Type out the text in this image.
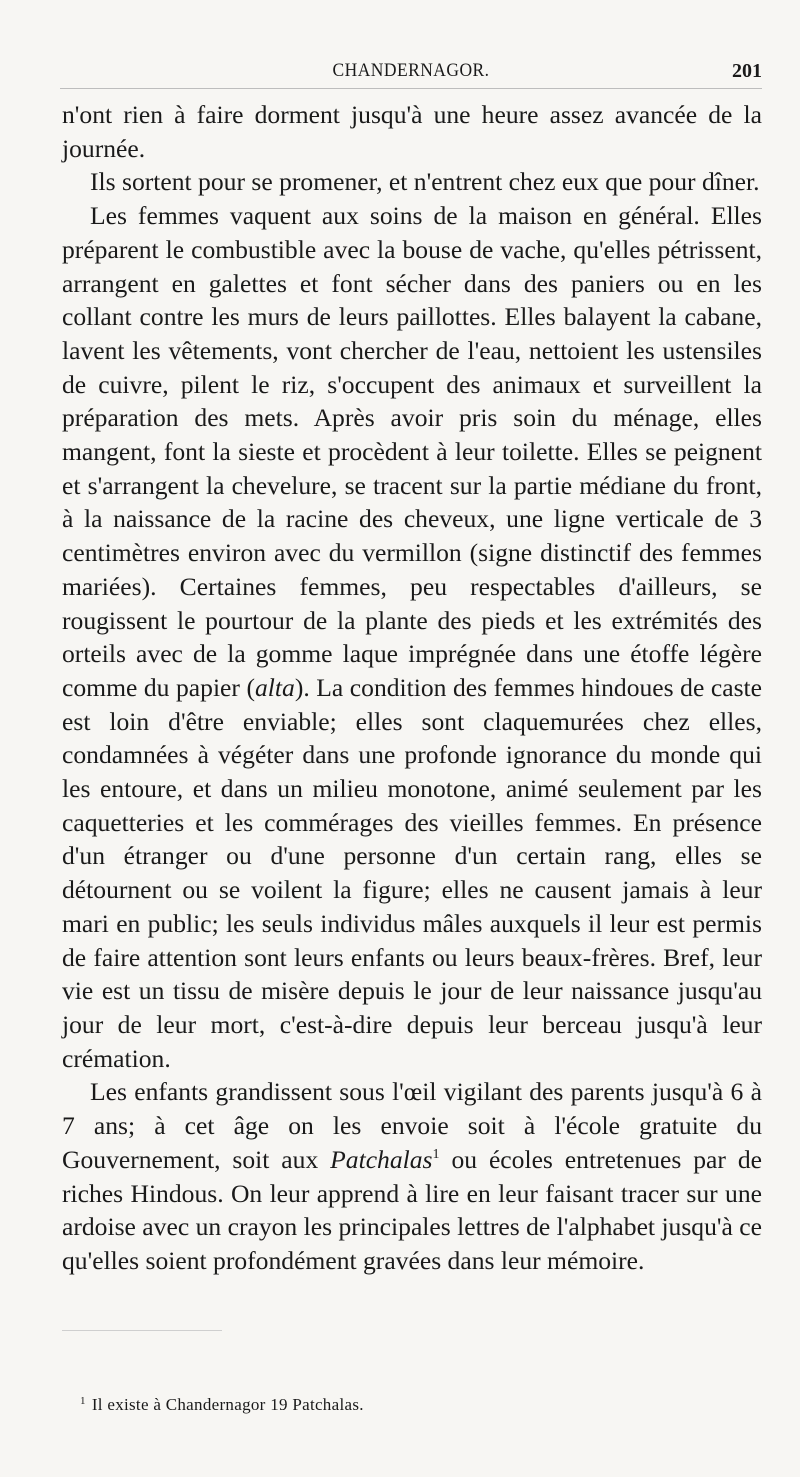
CHANDERNAGOR.	201

n'ont rien à faire dorment jusqu'à une heure assez avancée de la journée.

Ils sortent pour se promener, et n'entrent chez eux que pour dîner.

Les femmes vaquent aux soins de la maison en général. Elles préparent le combustible avec la bouse de vache, qu'elles pétrissent, arrangent en galettes et font sécher dans des paniers ou en les collant contre les murs de leurs paillottes. Elles balayent la cabane, lavent les vêtements, vont chercher de l'eau, nettoient les ustensiles de cuivre, pilent le riz, s'occupent des animaux et surveillent la préparation des mets. Après avoir pris soin du ménage, elles mangent, font la sieste et procèdent à leur toilette. Elles se peignent et s'arrangent la chevelure, se tracent sur la partie médiane du front, à la naissance de la racine des cheveux, une ligne verticale de 3 centimètres environ avec du vermillon (signe distinctif des femmes mariées). Certaines femmes, peu respectables d'ailleurs, se rougissent le pourtour de la plante des pieds et les extrémités des orteils avec de la gomme laque imprégnée dans une étoffe légère comme du papier (alta). La condition des femmes hindoues de caste est loin d'être enviable; elles sont claquemurées chez elles, condamnées à végéter dans une profonde ignorance du monde qui les entoure, et dans un milieu monotone, animé seulement par les caquetteries et les commérages des vieilles femmes. En présence d'un étranger ou d'une personne d'un certain rang, elles se détournent ou se voilent la figure; elles ne causent jamais à leur mari en public; les seuls individus mâles auxquels il leur est permis de faire attention sont leurs enfants ou leurs beaux-frères. Bref, leur vie est un tissu de misère depuis le jour de leur naissance jusqu'au jour de leur mort, c'est-à-dire depuis leur berceau jusqu'à leur crémation.

Les enfants grandissent sous l'œil vigilant des parents jusqu'à 6 à 7 ans; à cet âge on les envoie soit à l'école gratuite du Gouvernement, soit aux Patchalas$^1$ ou écoles entretenues par de riches Hindous. On leur apprend à lire en leur faisant tracer sur une ardoise avec un crayon les principales lettres de l'alphabet jusqu'à ce qu'elles soient profondément gravées dans leur mémoire.

$^1$ Il existe à Chandernagor 19 Patchalas.
